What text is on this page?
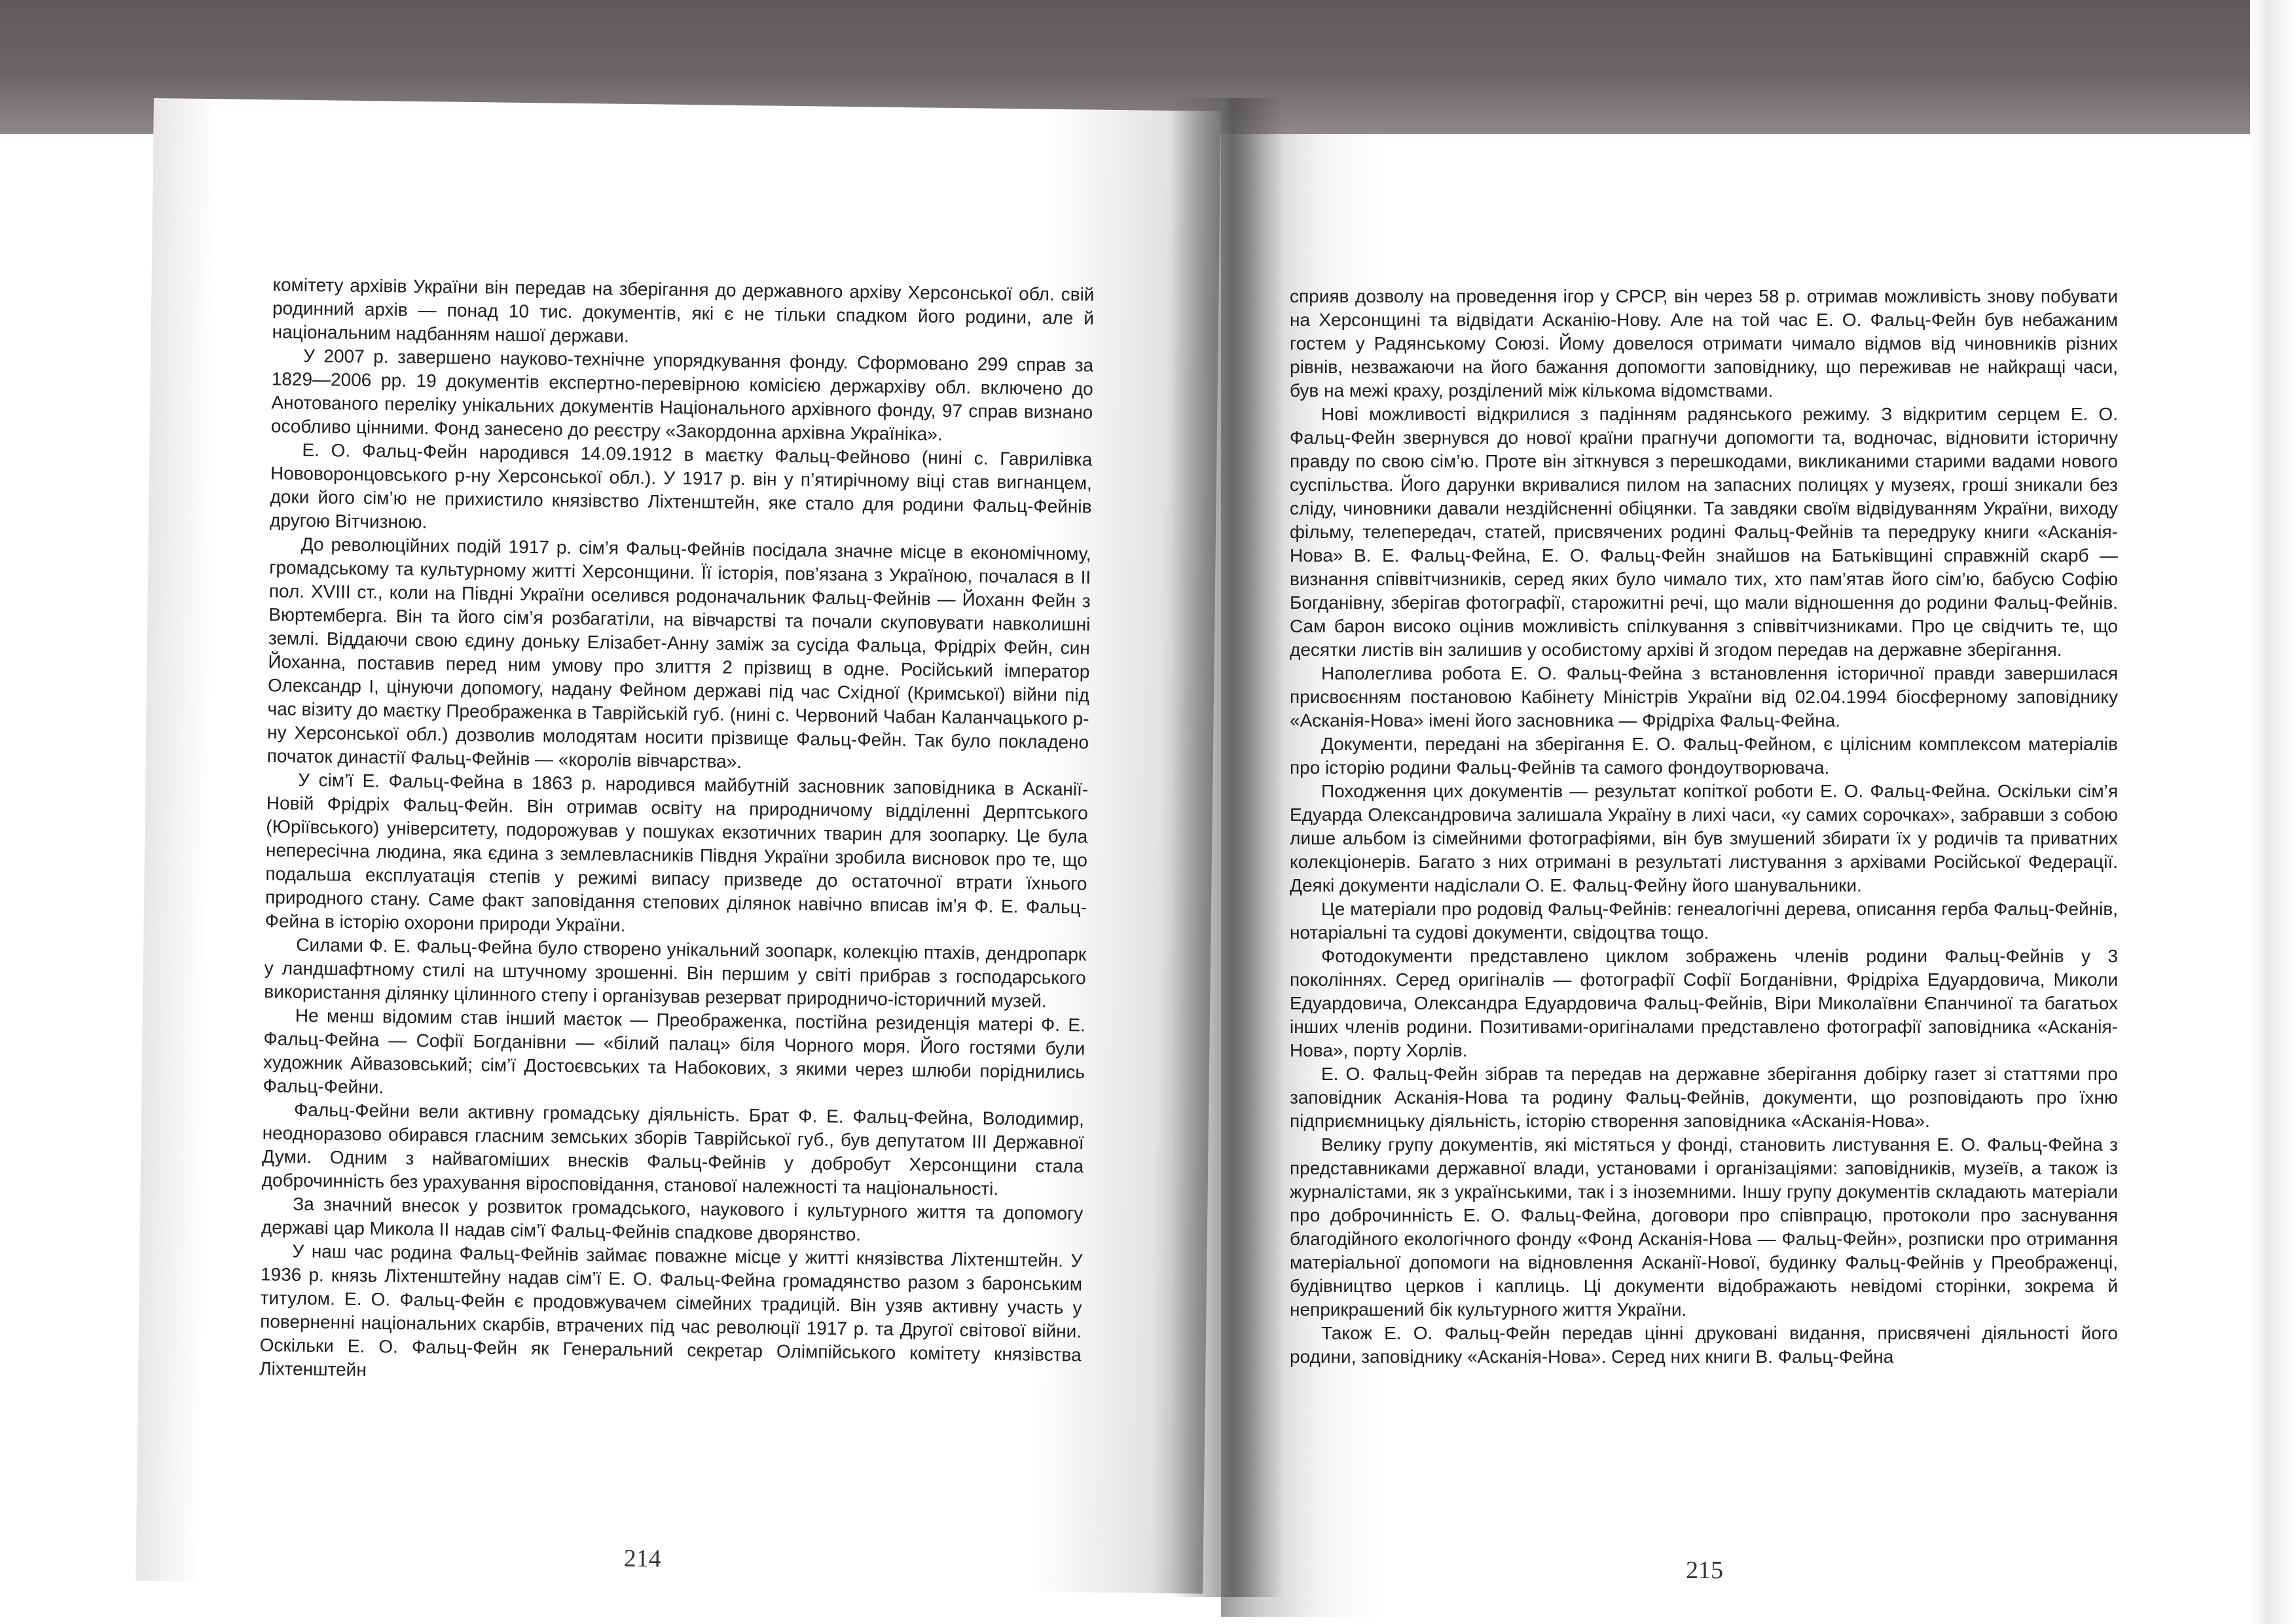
комітету архівів України він передав на зберігання до державного архіву Херсонської обл. свій родинний архів — понад 10 тис. документів, які є не тільки спадком його родини, але й національним надбанням нашої держави.

У 2007 р. завершено науково-технічне упорядкування фонду. Сформовано 299 справ за 1829—2006 рр. 19 документів експертно-перевірною комісією держархіву обл. включено до Анотованого переліку унікальних документів Національного архівного фонду, 97 справ визнано особливо цінними. Фонд занесено до реєстру «Закордонна архівна Україніка».

Е. О. Фальц-Фейн народився 14.09.1912 в маєтку Фальц-Фейново (нині с. Гаврилівка Нововоронцовського р-ну Херсонської обл.). У 1917 р. він у п’ятирічному віці став вигнанцем, доки його сім’ю не прихистило князівство Ліхтенштейн, яке стало для родини Фальц-Фейнів другою Вітчизною.

До революційних подій 1917 р. сім’я Фальц-Фейнів посідала значне місце в економічному, громадському та культурному житті Херсонщини. Її історія, пов’язана з Україною, почалася в ІІ пол. XVIII ст., коли на Півдні України оселився родоначальник Фальц-Фейнів — Йоханн Фейн з Вюртемберга. Він та його сім’я розбагатіли, на вівчарстві та почали скуповувати навколишні землі. Віддаючи свою єдину доньку Елізабет-Анну заміж за сусіда Фальца, Фрідріх Фейн, син Йоханна, поставив перед ним умову про злиття 2 прізвищ в одне. Російський імператор Олександр І, цінуючи допомогу, надану Фейном державі під час Східної (Кримської) війни під час візиту до маєтку Преображенка в Таврійській губ. (нині с. Червоний Чабан Каланчацького р-ну Херсонської обл.) дозволив молодятам носити прізвище Фальц-Фейн. Так було покладено початок династії Фальц-Фейнів — «королів вівчарства».

У сім’ї Е. Фальц-Фейна в 1863 р. народився майбутній засновник заповідника в Асканії-Новій Фрідріх Фальц-Фейн. Він отримав освіту на природничому відділенні Дерптського (Юріївського) університету, подорожував у пошуках екзотичних тварин для зоопарку. Це була непересічна людина, яка єдина з землевласників Півдня України зробила висновок про те, що подальша експлуатація степів у режимі випасу призведе до остаточної втрати їхнього природного стану. Саме факт заповідання степових ділянок навічно вписав ім’я Ф. Е. Фальц-Фейна в історію охорони природи України.

Силами Ф. Е. Фальц-Фейна було створено унікальний зоопарк, колекцію птахів, дендропарк у ландшафтному стилі на штучному зрошенні. Він першим у світі прибрав з господарського використання ділянку цілинного степу і організував резерват природничо-історичний музей.

Не менш відомим став інший маєток — Преображенка, постійна резиденція матері Ф. Е. Фальц-Фейна — Софії Богданівни — «білий палац» біля Чорного моря. Його гостями були художник Айвазовський; сім’ї Достоєвських та Набокових, з якими через шлюби поріднились Фальц-Фейни.

Фальц-Фейни вели активну громадську діяльність. Брат Ф. Е. Фальц-Фейна, Володимир, неодноразово обирався гласним земських зборів Таврійської губ., був депутатом ІІІ Державної Думи. Одним з найвагоміших внесків Фальц-Фейнів у добробут Херсонщини стала доброчинність без урахування віросповідання, станової належності та національності.

За значний внесок у розвиток громадського, наукового і культурного життя та допомогу державі цар Микола ІІ надав сім’ї Фальц-Фейнів спадкове дворянство.

У наш час родина Фальц-Фейнів займає поважне місце у житті князівства Ліхтенштейн. У 1936 р. князь Ліхтенштейну надав сім’ї Е. О. Фальц-Фейна громадянство разом з баронським титулом. Е. О. Фальц-Фейн є продовжувачем сімейних традицій. Він узяв активну участь у поверненні національних скарбів, втрачених під час революції 1917 р. та Другої світової війни. Оскільки Е. О. Фальц-Фейн як Генеральний секретар Олімпійського комітету князівства Ліхтенштейн

214

сприяв дозволу на проведення ігор у СРСР, він через 58 р. отримав можливість знову побувати на Херсонщині та відвідати Асканію-Нову. Але на той час Е. О. Фальц-Фейн був небажаним гостем у Радянському Союзі. Йому довелося отримати чимало відмов від чиновників різних рівнів, незважаючи на його бажання допомогти заповіднику, що переживав не найкращі часи, був на межі краху, розділений між кількома відомствами.

Нові можливості відкрилися з падінням радянського режиму. З відкритим серцем Е. О. Фальц-Фейн звернувся до нової країни прагнучи допомогти та, водночас, відновити історичну правду по свою сім’ю. Проте він зіткнувся з перешкодами, викликаними старими вадами нового суспільства. Його дарунки вкривалися пилом на запасних полицях у музеях, гроші зникали без сліду, чиновники давали нездійсненні обіцянки. Та завдяки своїм відвідуванням України, виходу фільму, телепередач, статей, присвячених родині Фальц-Фейнів та передруку книги «Асканія-Нова» В. Е. Фальц-Фейна, Е. О. Фальц-Фейн знайшов на Батьківщині справжній скарб — визнання співвітчизників, серед яких було чимало тих, хто пам’ятав його сім’ю, бабусю Софію Богданівну, зберігав фотографії, старожитні речі, що мали відношення до родини Фальц-Фейнів. Сам барон високо оцінив можливість спілкування з співвітчизниками. Про це свідчить те, що десятки листів він залишив у особистому архіві й згодом передав на державне зберігання.

Наполеглива робота Е. О. Фальц-Фейна з встановлення історичної правди завершилася присвоєнням постановою Кабінету Міністрів України від 02.04.1994 біосферному заповіднику «Асканія-Нова» імені його засновника — Фрідріха Фальц-Фейна.

Документи, передані на зберігання Е. О. Фальц-Фейном, є цілісним комплексом матеріалів про історію родини Фальц-Фейнів та самого фондоутворювача.

Походження цих документів — результат копіткої роботи Е. О. Фальц-Фейна. Оскільки сім’я Едуарда Олександровича залишала Україну в лихі часи, «у самих сорочках», забравши з собою лише альбом із сімейними фотографіями, він був змушений збирати їх у родичів та приватних колекціонерів. Багато з них отримані в результаті листування з архівами Російської Федерації. Деякі документи надіслали О. Е. Фальц-Фейну його шанувальники.

Це матеріали про родовід Фальц-Фейнів: генеалогічні дерева, описання герба Фальц-Фейнів, нотаріальні та судові документи, свідоцтва тощо.

Фотодокументи представлено циклом зображень членів родини Фальц-Фейнів у 3 поколіннях. Серед оригіналів — фотографії Софії Богданівни, Фрідріха Едуардовича, Миколи Едуардовича, Олександра Едуардовича Фальц-Фейнів, Віри Миколаївни Єпанчиної та багатьох інших членів родини. Позитивами-оригіналами представлено фотографії заповідника «Асканія-Нова», порту Хорлів.

Е. О. Фальц-Фейн зібрав та передав на державне зберігання добірку газет зі статтями про заповідник Асканія-Нова та родину Фальц-Фейнів, документи, що розповідають про їхню підприємницьку діяльність, історію створення заповідника «Асканія-Нова».

Велику групу документів, які містяться у фонді, становить листування Е. О. Фальц-Фейна з представниками державної влади, установами і організаціями: заповідників, музеїв, а також із журналістами, як з українськими, так і з іноземними. Іншу групу документів складають матеріали про доброчинність Е. О. Фальц-Фейна, договори про співпрацю, протоколи про заснування благодійного екологічного фонду «Фонд Асканія-Нова — Фальц-Фейн», розписки про отримання матеріальної допомоги на відновлення Асканії-Нової, будинку Фальц-Фейнів у Преображенці, будівництво церков і каплиць. Ці документи відображають невідомі сторінки, зокрема й неприкрашений бік культурного життя України.

Також Е. О. Фальц-Фейн передав цінні друковані видання, присвячені діяльності його родини, заповіднику «Асканія-Нова». Серед них книги В. Фальц-Фейна

215
